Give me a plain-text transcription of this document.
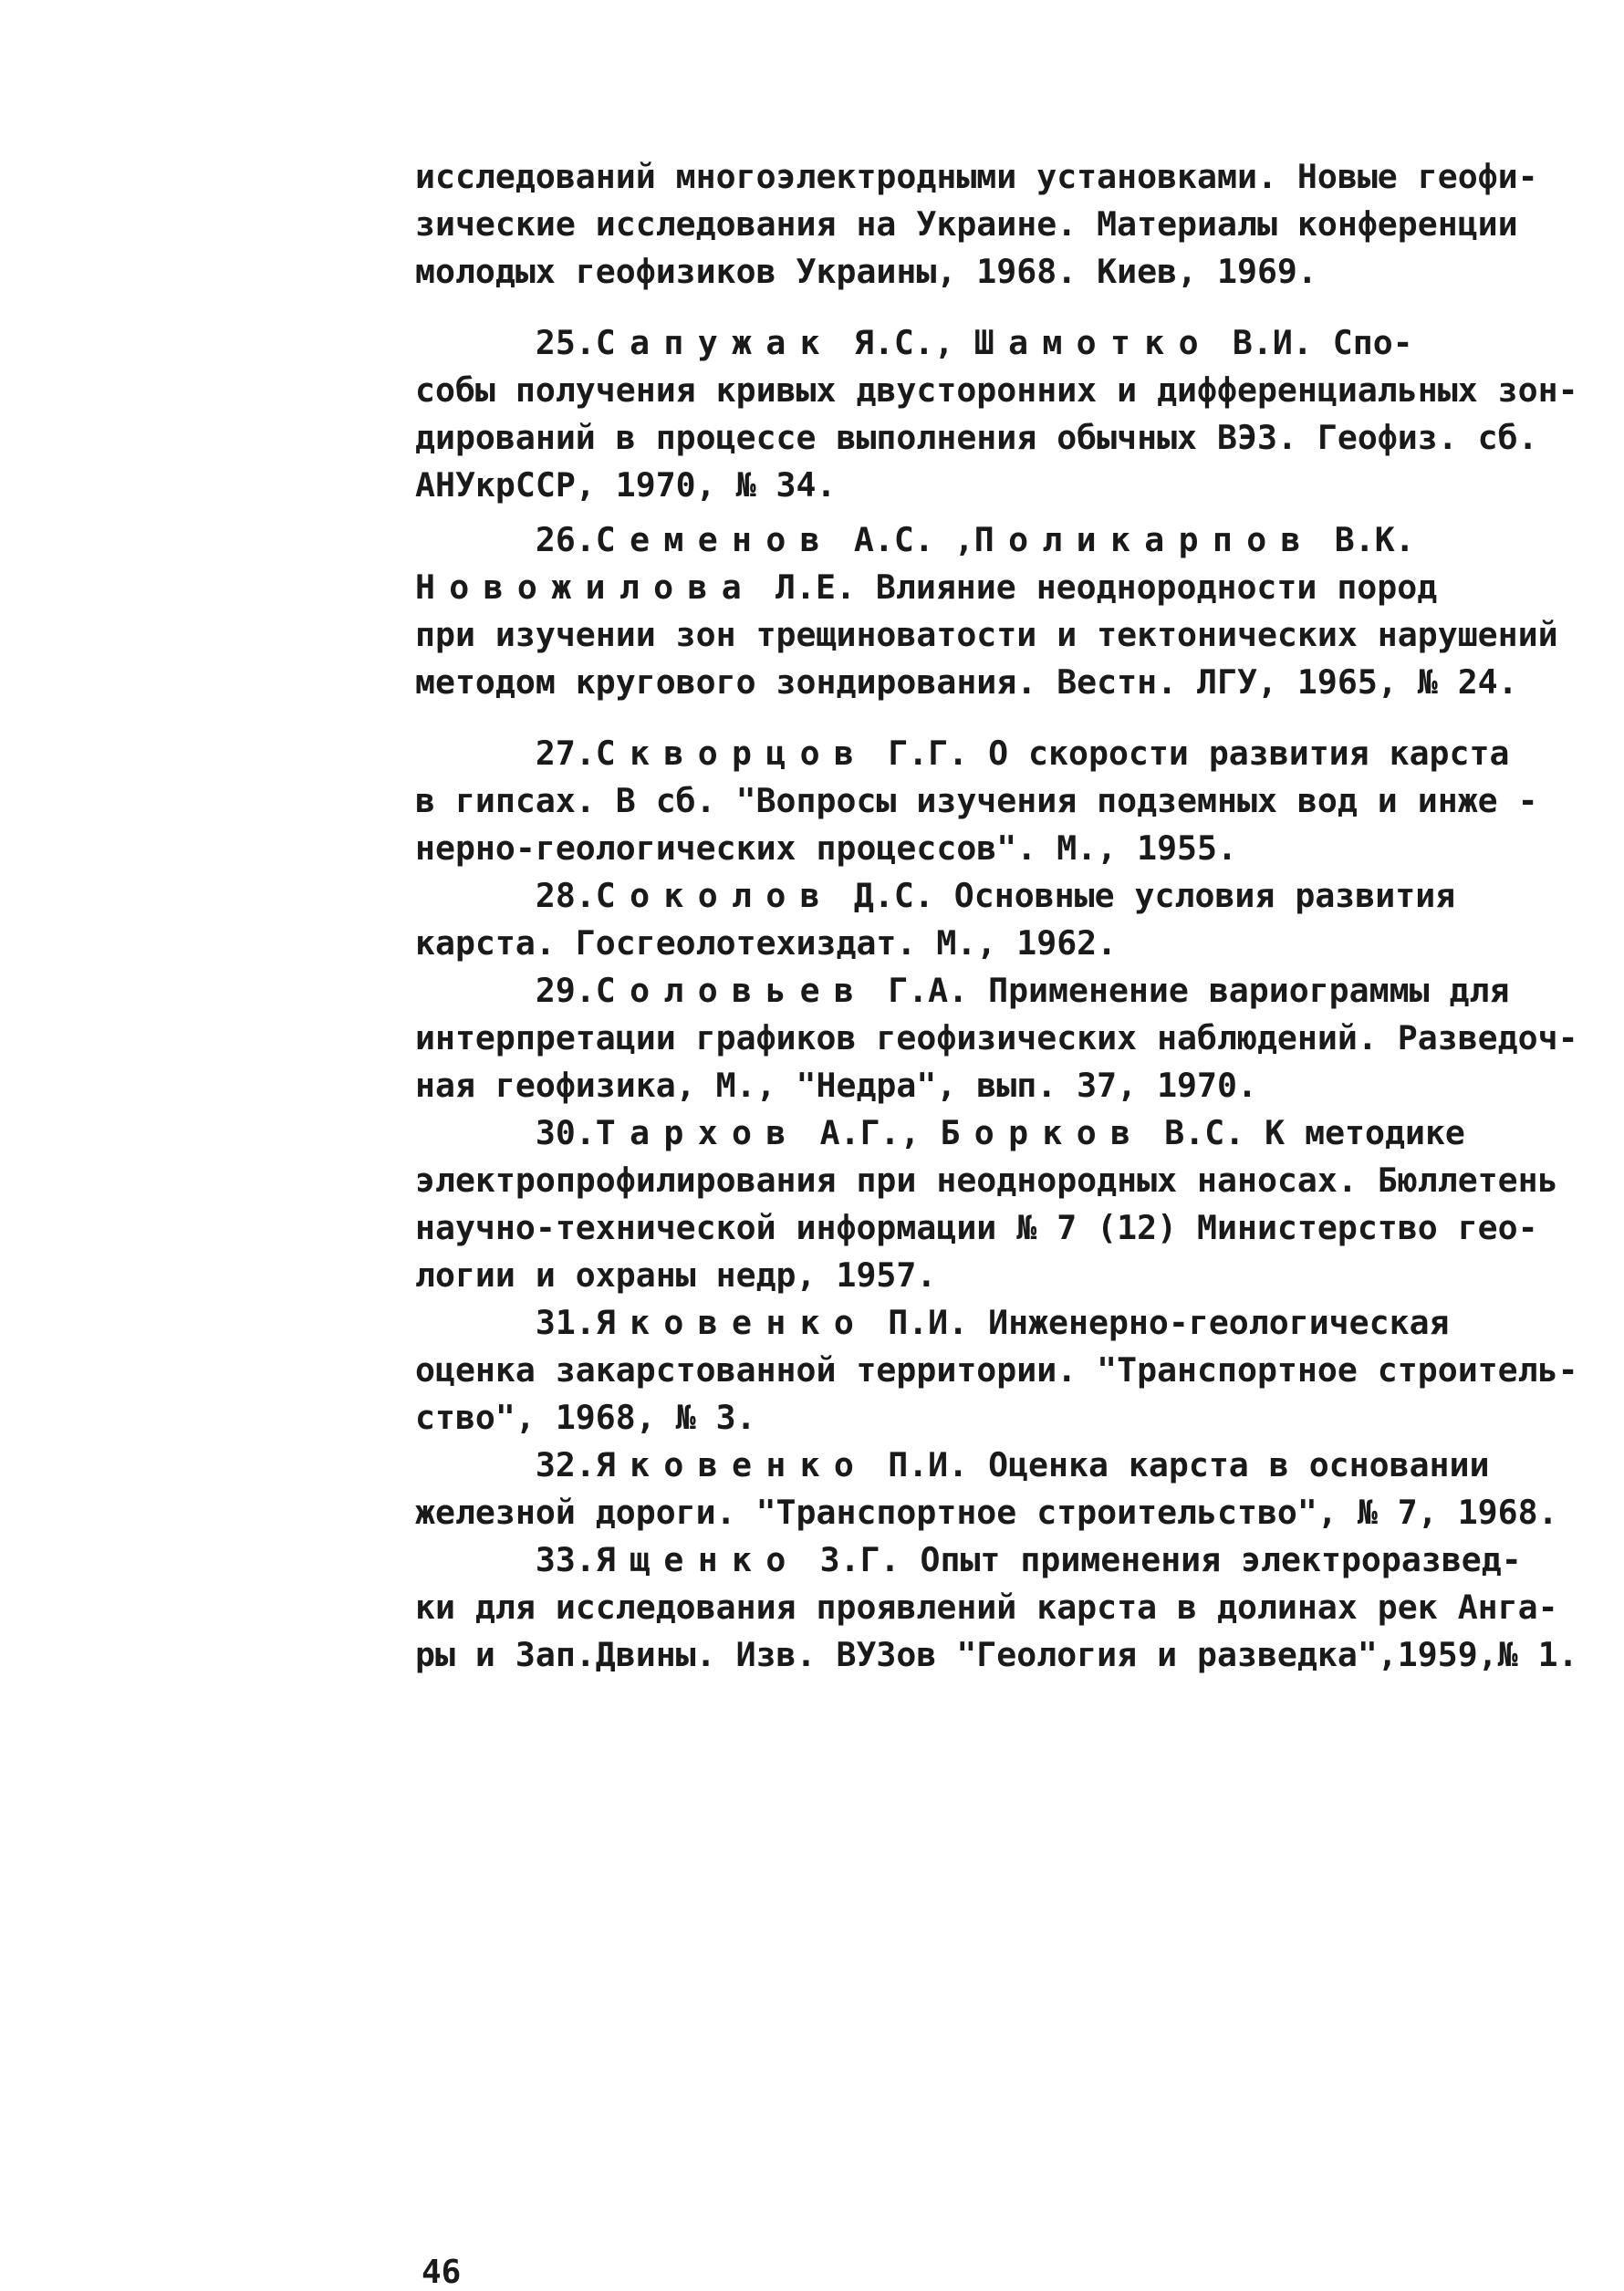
исследований многоэлектродными установками. Новые геофи-
зические исследования на Украине. Материалы конференции
молодых геофизиков Украины, 1968. Киев, 1969.
25.Сапужак Я.С., Шамотко В.И. Спо-
собы получения кривых двусторонних и дифференциальных зон-
дирований в процессе выполнения обычных ВЭЗ. Геофиз. сб.
АНУкрССР, 1970, № 34.
26.Семенов А.С. ,Поликарпов В.К.
Новожилова Л.Е. Влияние неоднородности пород
при изучении зон трещиноватости и тектонических нарушений
методом кругового зондирования. Вестн. ЛГУ, 1965, № 24.
27.Скворцов Г.Г. О скорости развития карста
в гипсах. В сб. "Вопросы изучения подземных вод и инже -
нерно-геологических процессов". М., 1955.
28.Соколов Д.С. Основные условия развития
карста. Госгеолотехиздат. М., 1962.
29.Соловьев Г.А. Применение вариограммы для
интерпретации графиков геофизических наблюдений. Разведоч-
ная геофизика, М., "Недра", вып. 37, 1970.
30.Тархов А.Г., Борков В.С. К методике
электропрофилирования при неоднородных наносах. Бюллетень
научно-технической информации № 7 (12) Министерство гео-
логии и охраны недр, 1957.
31.Яковенко П.И. Инженерно-геологическая
оценка закарстованной территории. "Транспортное строитель-
ство", 1968, № 3.
32.Яковенко П.И. Оценка карста в основании
железной дороги. "Транспортное строительство", № 7, 1968.
33.Ященко З.Г. Опыт применения электроразвед-
ки для исследования проявлений карста в долинах рек Анга-
ры и Зап.Двины. Изв. ВУЗов "Геология и разведка",1959,№ 1.
46
